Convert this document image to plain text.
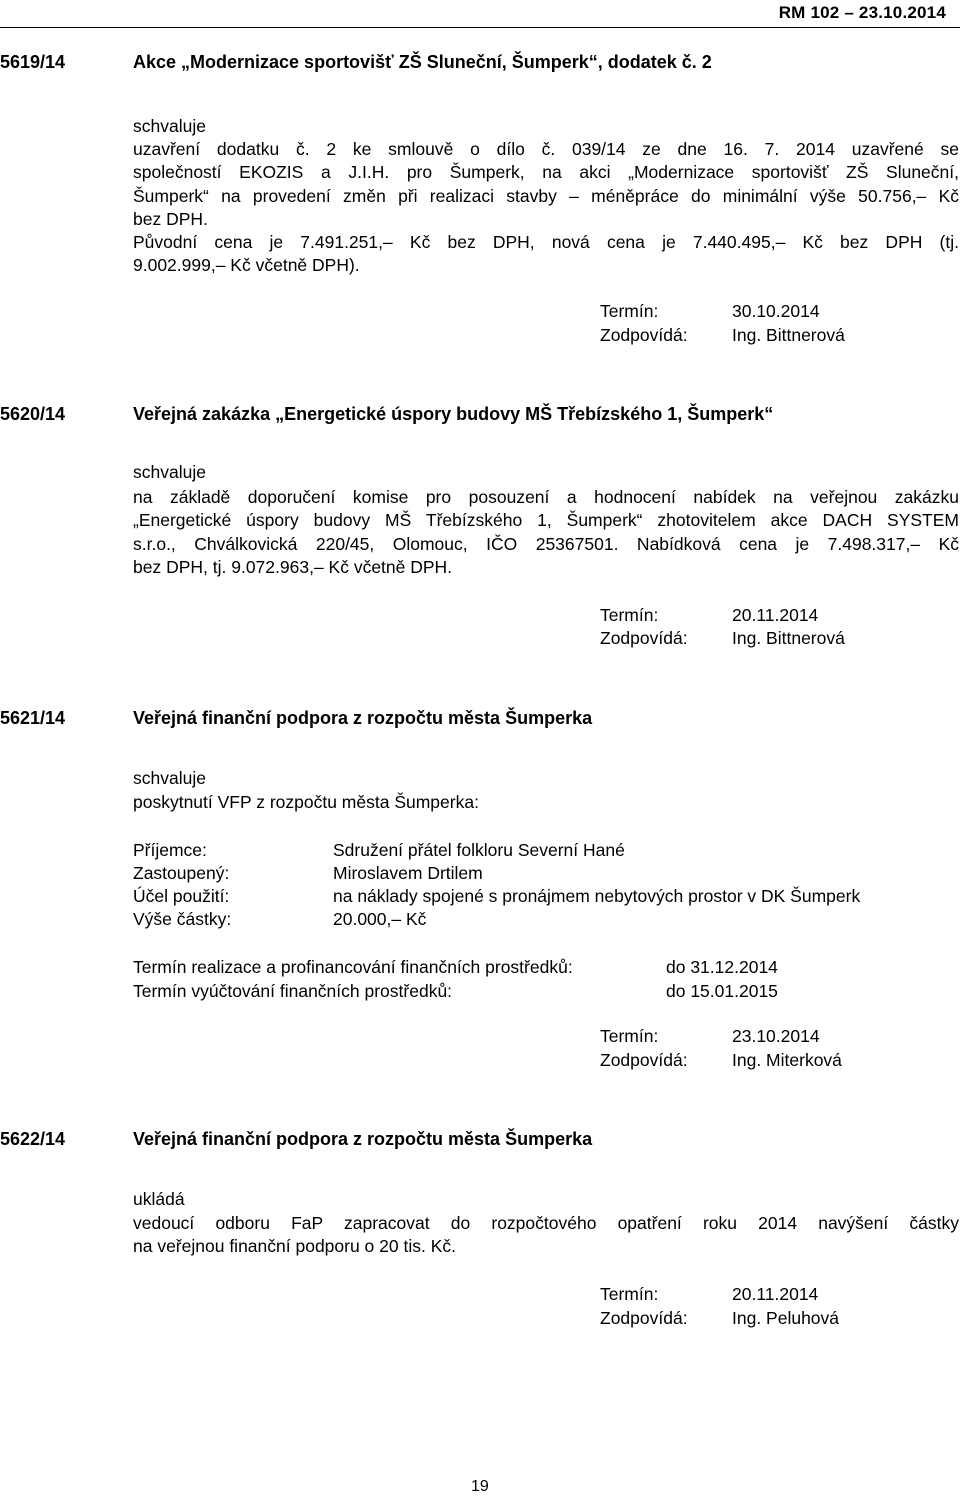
RM 102 – 23.10.2014
5619/14	Akce „Modernizace sportovišť ZŠ Sluneční, Šumperk“, dodatek č. 2
schvaluje
uzavření dodatku č. 2 ke smlouvě o dílo č. 039/14 ze dne 16. 7. 2014 uzavřené se
společností EKOZIS a J.I.H. pro Šumperk, na akci „Modernizace sportovišť ZŠ Sluneční,
Šumperk“ na provedení změn při realizaci stavby – méněpráce do minimální výše 50.756,– Kč
bez DPH.
Původní cena je 7.491.251,– Kč bez DPH, nová cena je 7.440.495,– Kč bez DPH (tj.
9.002.999,– Kč včetně DPH).
Termín:	30.10.2014
Zodpovídá:	Ing. Bittnerová
5620/14	Veřejná zakázka „Energetické úspory budovy MŠ Třebízského 1, Šumperk“
schvaluje
na základě doporučení komise pro posouzení a hodnocení nabídek na veřejnou zakázku
„Energetické úspory budovy MŠ Třebízského 1, Šumperk“ zhotovitelem akce DACH SYSTEM
s.r.o., Chválkovická 220/45, Olomouc, IČO 25367501. Nabídková cena je 7.498.317,– Kč
bez DPH, tj. 9.072.963,– Kč včetně DPH.
Termín:	20.11.2014
Zodpovídá:	Ing. Bittnerová
5621/14	Veřejná finanční podpora z rozpočtu města Šumperka
schvaluje
poskytnutí VFP z rozpočtu města Šumperka:
Příjemce:	Sdružení přátel folkloru Severní Hané
Zastoupený:	Miroslavem Drtilem
Účel použití:	na náklady spojené s pronájmem nebytových prostor v DK Šumperk
Výše částky:	20.000,– Kč
Termín realizace a profinancování finančních prostředků:	do 31.12.2014
Termín vyúčtování finančních prostředků:	do 15.01.2015
Termín:	23.10.2014
Zodpovídá:	Ing. Miterková
5622/14	Veřejná finanční podpora z rozpočtu města Šumperka
ukládá
vedoucí odboru FaP zapracovat do rozpočtového opatření roku 2014 navýšení částky
na veřejnou finanční podporu o 20 tis. Kč.
Termín:	20.11.2014
Zodpovídá:	Ing. Peluhová
19
